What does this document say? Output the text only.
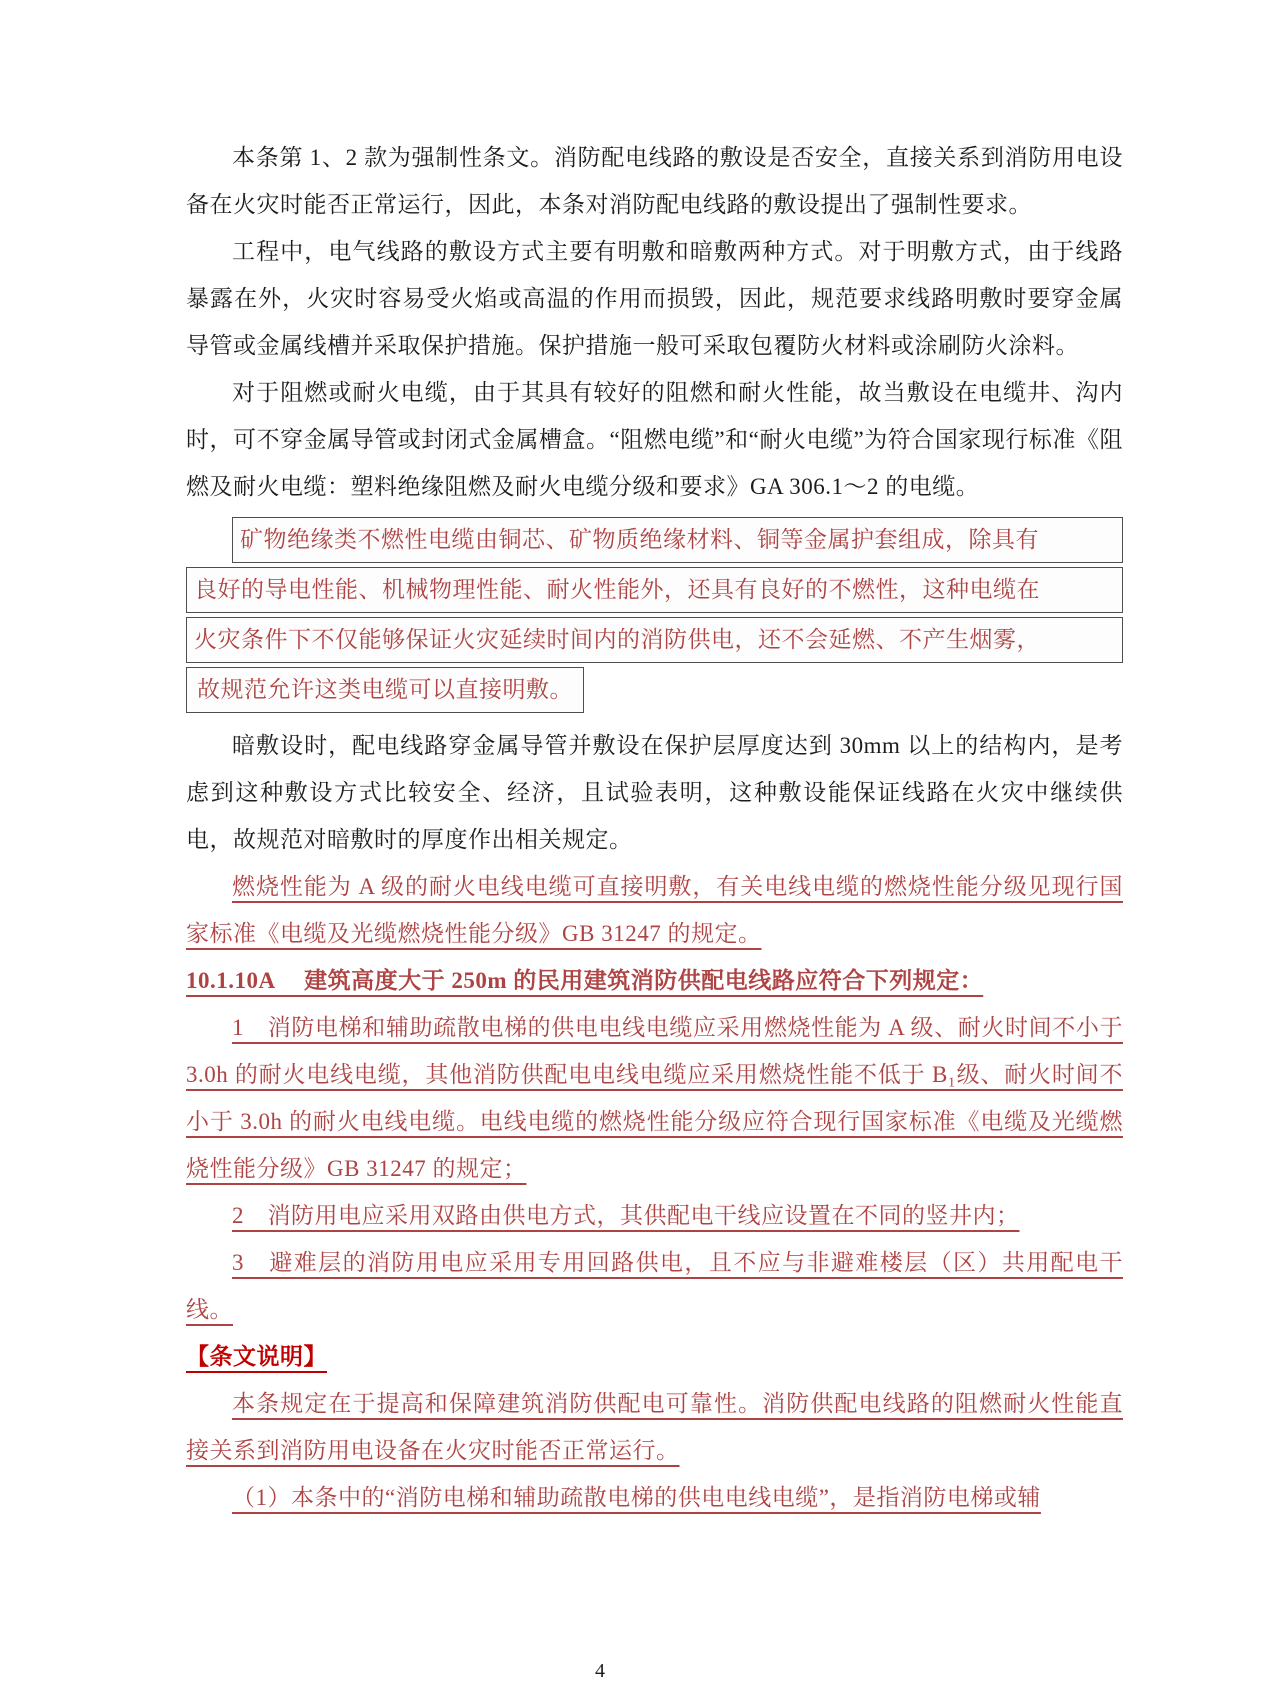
本条第 1、2 款为强制性条文。消防配电线路的敷设是否安全，直接关系到消防用电设备在火灾时能否正常运行，因此，本条对消防配电线路的敷设提出了强制性要求。

工程中，电气线路的敷设方式主要有明敷和暗敷两种方式。对于明敷方式，由于线路暴露在外，火灾时容易受火焰或高温的作用而损毁，因此，规范要求线路明敷时要穿金属导管或金属线槽并采取保护措施。保护措施一般可采取包覆防火材料或涂刷防火涂料。

对于阻燃或耐火电缆，由于其具有较好的阻燃和耐火性能，故当敷设在电缆井、沟内时，可不穿金属导管或封闭式金属槽盒。“阻燃电缆”和“耐火电缆”为符合国家现行标准《阻燃及耐火电缆：塑料绝缘阻燃及耐火电缆分级和要求》GA 306.1～2 的电缆。

矿物绝缘类不燃性电缆由铜芯、矿物质绝缘材料、铜等金属护套组成，除具有
良好的导电性能、机械物理性能、耐火性能外，还具有良好的不燃性，这种电缆在
火灾条件下不仅能够保证火灾延续时间内的消防供电，还不会延燃、不产生烟雾，
故规范允许这类电缆可以直接明敷。

暗敷设时，配电线路穿金属导管并敷设在保护层厚度达到 30mm 以上的结构内，是考虑到这种敷设方式比较安全、经济，且试验表明，这种敷设能保证线路在火灾中继续供电，故规范对暗敷时的厚度作出相关规定。

燃烧性能为 A 级的耐火电线电缆可直接明敷，有关电线电缆的燃烧性能分级见现行国家标准《电缆及光缆燃烧性能分级》GB 31247 的规定。

10.1.10A　 建筑高度大于 250m 的民用建筑消防供配电线路应符合下列规定：

1　消防电梯和辅助疏散电梯的供电电线电缆应采用燃烧性能为 A 级、耐火时间不小于 3.0h 的耐火电线电缆，其他消防供配电电线电缆应采用燃烧性能不低于 B₁级、耐火时间不小于 3.0h 的耐火电线电缆。电线电缆的燃烧性能分级应符合现行国家标准《电缆及光缆燃烧性能分级》GB 31247 的规定；

2　消防用电应采用双路由供电方式，其供配电干线应设置在不同的竖井内；

3　避难层的消防用电应采用专用回路供电，且不应与非避难楼层（区）共用配电干线。

【条文说明】

本条规定在于提高和保障建筑消防供配电可靠性。消防供配电线路的阻燃耐火性能直接关系到消防用电设备在火灾时能否正常运行。

（1）本条中的“消防电梯和辅助疏散电梯的供电电线电缆”，是指消防电梯或辅

4
